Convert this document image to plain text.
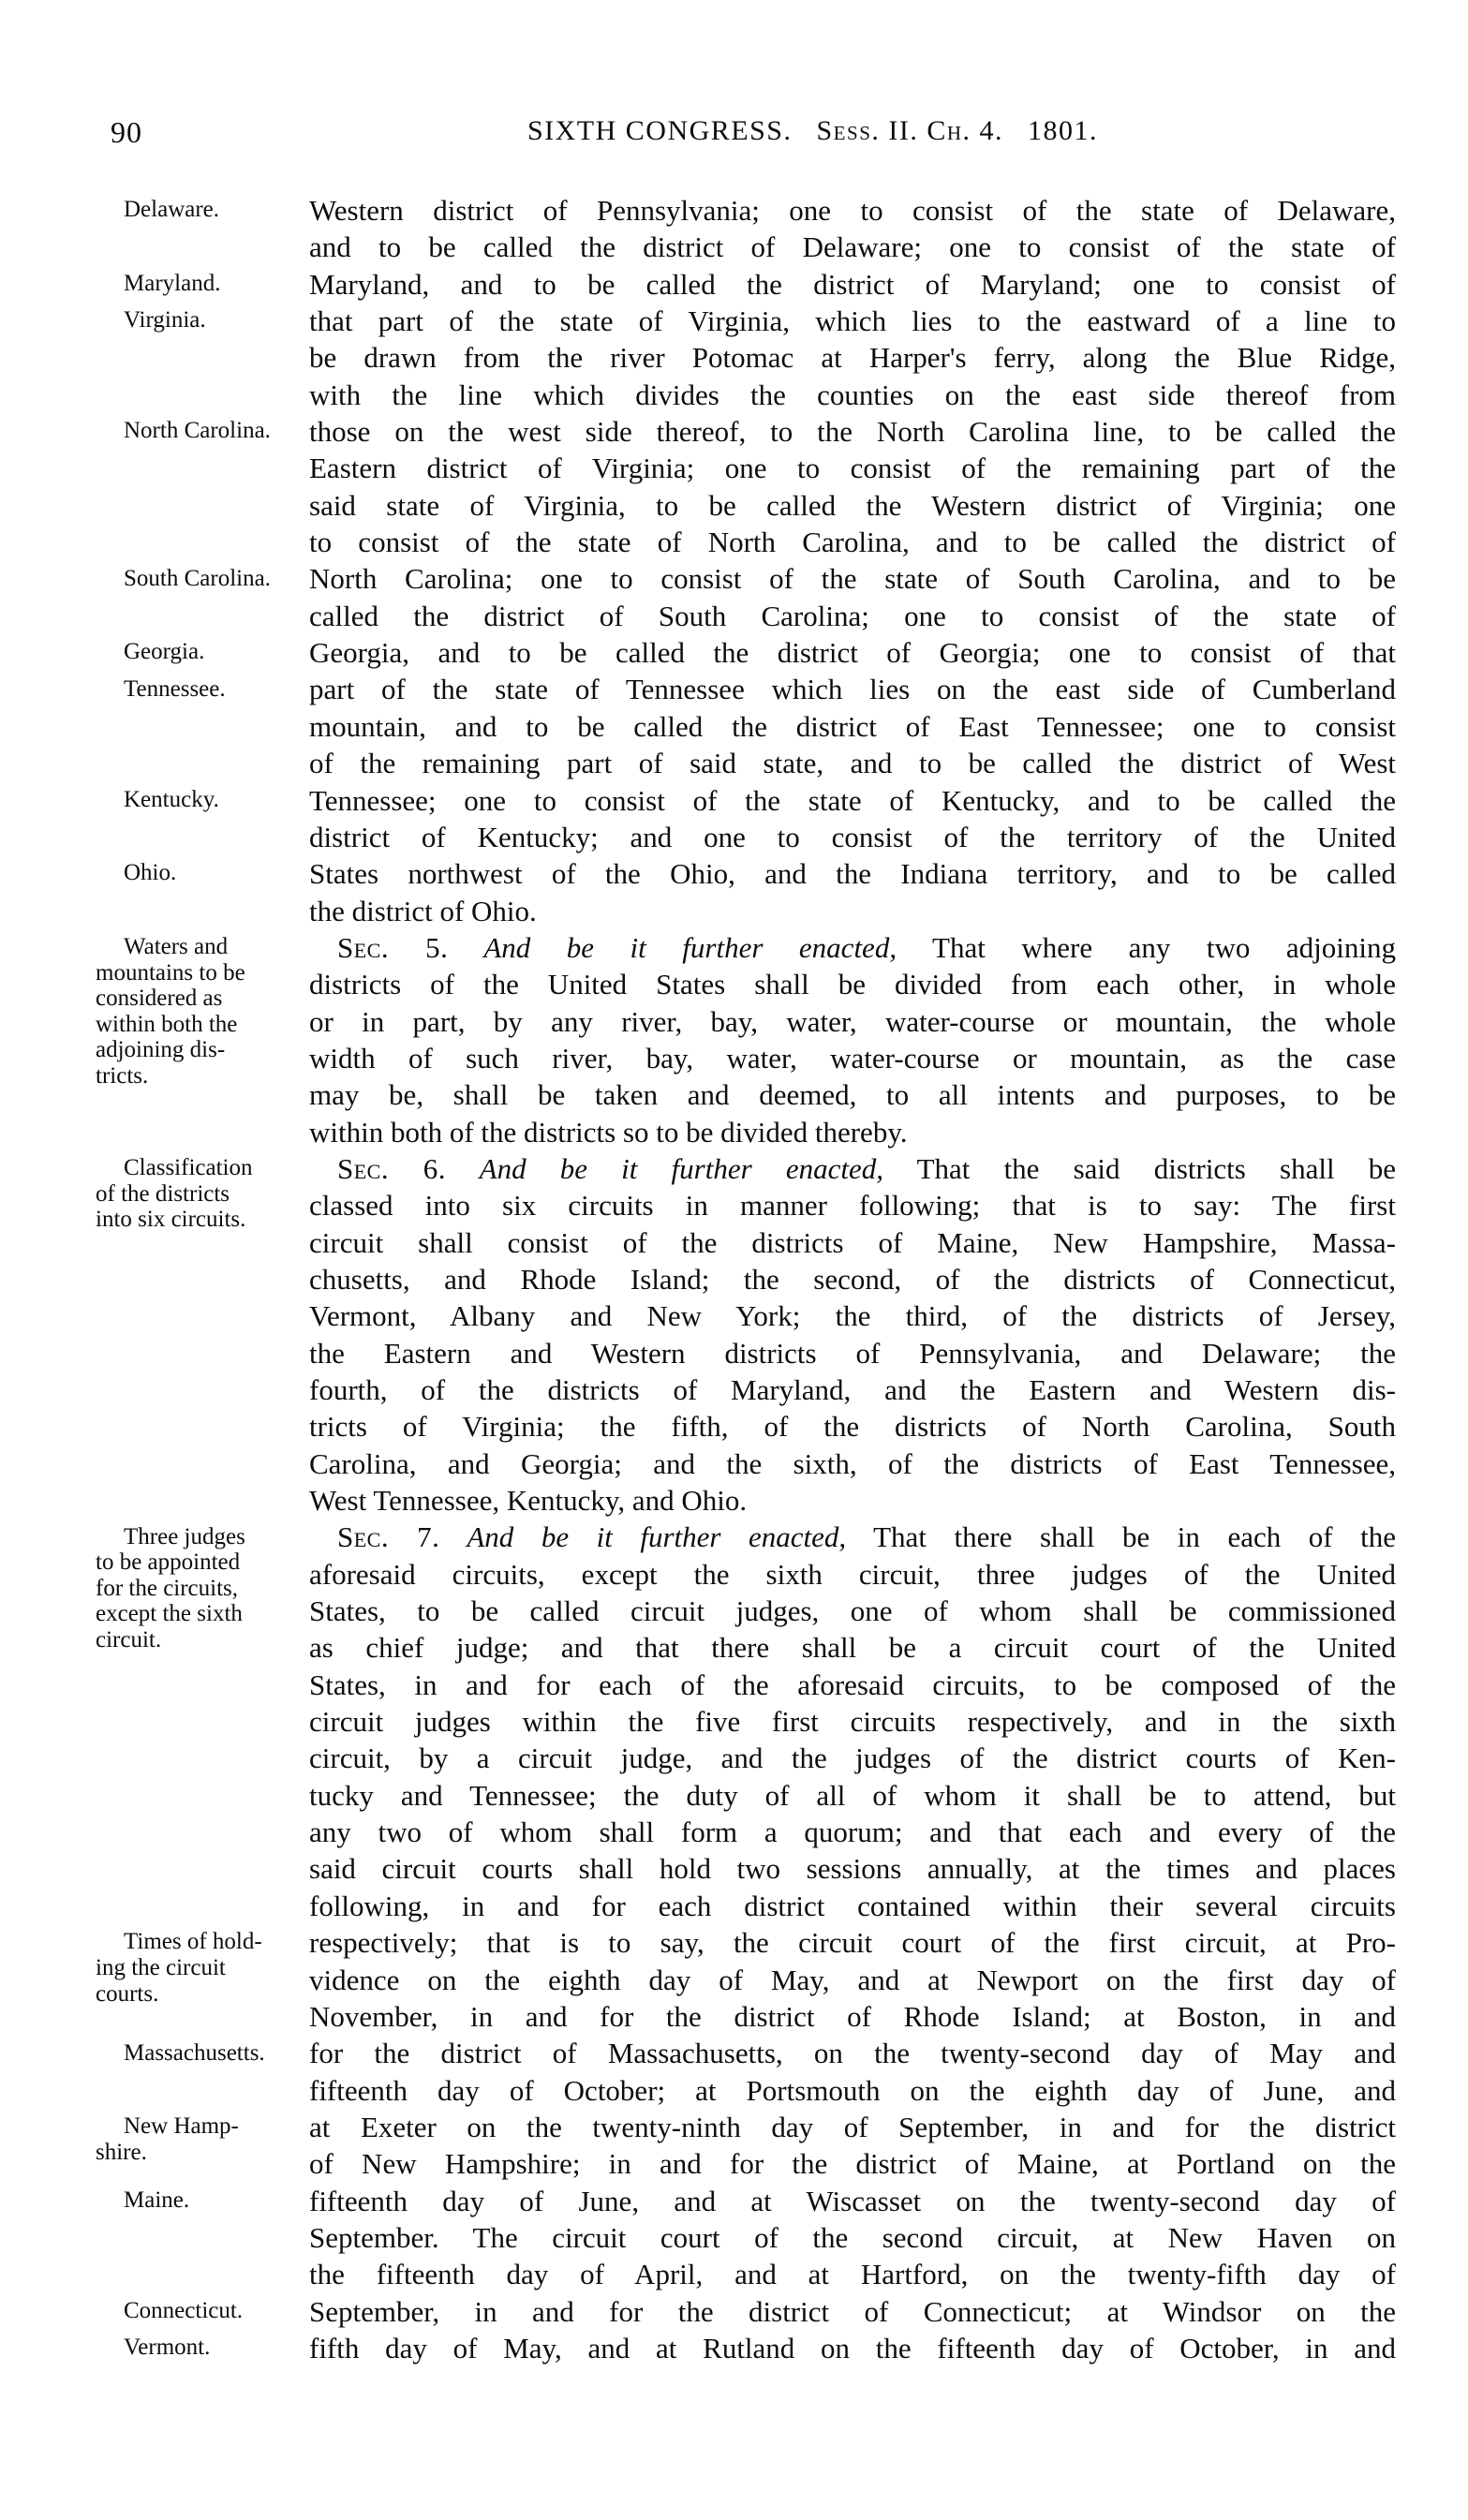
90	SIXTH CONGRESS. Sess. II. Ch. 4. 1801.
Delaware.
Maryland.
Virginia.
North Carolina.
South Carolina.
Georgia.
Tennessee.
Kentucky.
Ohio.
Waters and
mountains to be
considered as
within both the
adjoining dis-
tricts.
Classification
of the districts
into six circuits.
Three judges
to be appointed
for the circuits,
except the sixth
circuit.
Times of hold-
ing the circuit
courts.
Massachusetts.
New Hamp-
shire.
Maine.
Connecticut.
Vermont.
Western district of Pennsylvania; one to consist of the state of Delaware,
and to be called the district of Delaware; one to consist of the state of
Maryland, and to be called the district of Maryland; one to consist of
that part of the state of Virginia, which lies to the eastward of a line to
be drawn from the river Potomac at Harper's ferry, along the Blue Ridge,
with the line which divides the counties on the east side thereof from
those on the west side thereof, to the North Carolina line, to be called the
Eastern district of Virginia; one to consist of the remaining part of the
said state of Virginia, to be called the Western district of Virginia; one
to consist of the state of North Carolina, and to be called the district of
North Carolina; one to consist of the state of South Carolina, and to be
called the district of South Carolina; one to consist of the state of
Georgia, and to be called the district of Georgia; one to consist of that
part of the state of Tennessee which lies on the east side of Cumberland
mountain, and to be called the district of East Tennessee; one to consist
of the remaining part of said state, and to be called the district of West
Tennessee; one to consist of the state of Kentucky, and to be called the
district of Kentucky; and one to consist of the territory of the United
States northwest of the Ohio, and the Indiana territory, and to be called
the district of Ohio.
Sec. 5. And be it further enacted, That where any two adjoining
districts of the United States shall be divided from each other, in whole
or in part, by any river, bay, water, water-course or mountain, the whole
width of such river, bay, water, water-course or mountain, as the case
may be, shall be taken and deemed, to all intents and purposes, to be
within both of the districts so to be divided thereby.
Sec. 6. And be it further enacted, That the said districts shall be
classed into six circuits in manner following; that is to say: The first
circuit shall consist of the districts of Maine, New Hampshire, Massa-
chusetts, and Rhode Island; the second, of the districts of Connecticut,
Vermont, Albany and New York; the third, of the districts of Jersey,
the Eastern and Western districts of Pennsylvania, and Delaware; the
fourth, of the districts of Maryland, and the Eastern and Western dis-
tricts of Virginia; the fifth, of the districts of North Carolina, South
Carolina, and Georgia; and the sixth, of the districts of East Tennessee,
West Tennessee, Kentucky, and Ohio.
Sec. 7. And be it further enacted, That there shall be in each of the
aforesaid circuits, except the sixth circuit, three judges of the United
States, to be called circuit judges, one of whom shall be commissioned
as chief judge; and that there shall be a circuit court of the United
States, in and for each of the aforesaid circuits, to be composed of the
circuit judges within the five first circuits respectively, and in the sixth
circuit, by a circuit judge, and the judges of the district courts of Ken-
tucky and Tennessee; the duty of all of whom it shall be to attend, but
any two of whom shall form a quorum; and that each and every of the
said circuit courts shall hold two sessions annually, at the times and places
following, in and for each district contained within their several circuits
respectively; that is to say, the circuit court of the first circuit, at Pro-
vidence on the eighth day of May, and at Newport on the first day of
November, in and for the district of Rhode Island; at Boston, in and
for the district of Massachusetts, on the twenty-second day of May and
fifteenth day of October; at Portsmouth on the eighth day of June, and
at Exeter on the twenty-ninth day of September, in and for the district
of New Hampshire; in and for the district of Maine, at Portland on the
fifteenth day of June, and at Wiscasset on the twenty-second day of
September. The circuit court of the second circuit, at New Haven on
the fifteenth day of April, and at Hartford, on the twenty-fifth day of
September, in and for the district of Connecticut; at Windsor on the
fifth day of May, and at Rutland on the fifteenth day of October, in and
